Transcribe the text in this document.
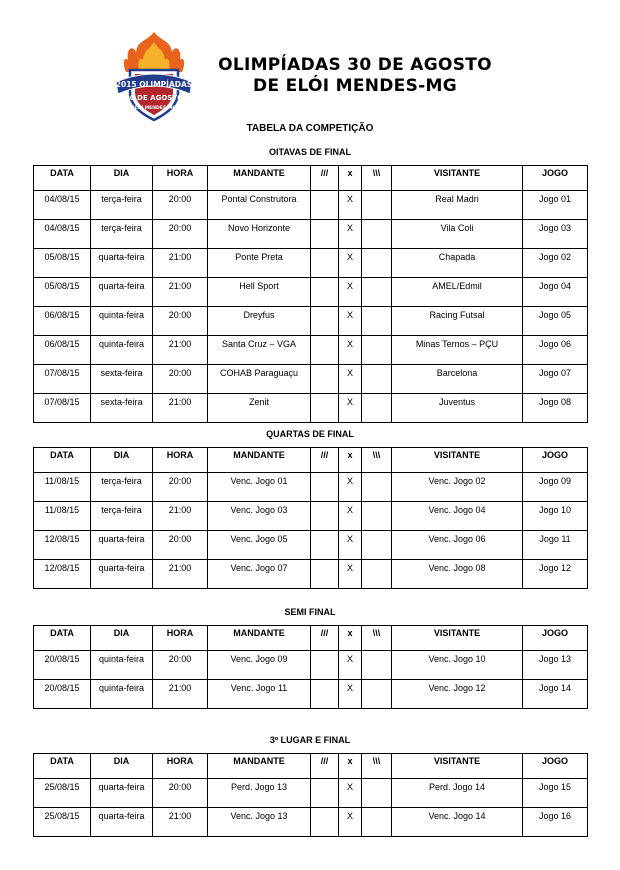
2015 OLIMPÍADAS
30 DE AGOSTO
ELÓI MENDES-MG
OLIMPÍADAS 30 DE AGOSTO
DE ELÓI MENDES-MG
TABELA DA COMPETIÇÃO
OITAVAS DE FINAL
DATA	DIA	HORA	MANDANTE	///	x	\\\	VISITANTE	JOGO
04/08/15	terça-feira	20:00	Pontal Construtora		X		Real Madri	Jogo 01
04/08/15	terça-feira	20:00	Novo Horizonte		X		Vila Coli	Jogo 03
05/08/15	quarta-feira	21:00	Ponte Preta		X		Chapada	Jogo 02
05/08/15	quarta-feira	21:00	Hell Sport		X		AMEL/Edmil	Jogo 04
06/08/15	quinta-feira	20:00	Dreyfus		X		Racing Futsal	Jogo 05
06/08/15	quinta-feira	21:00	Santa Cruz – VGA		X		Minas Ternos – PÇU	Jogo 06
07/08/15	sexta-feira	20:00	COHAB Paraguaçu		X		Barcelona	Jogo 07
07/08/15	sexta-feira	21:00	Zenit		X		Juventus	Jogo 08
QUARTAS DE FINAL
DATA	DIA	HORA	MANDANTE	///	x	\\\	VISITANTE	JOGO
11/08/15	terça-feira	20:00	Venc. Jogo 01		X		Venc. Jogo 02	Jogo 09
11/08/15	terça-feira	21:00	Venc. Jogo 03		X		Venc. Jogo 04	Jogo 10
12/08/15	quarta-feira	20:00	Venc. Jogo 05		X		Venc. Jogo 06	Jogo 11
12/08/15	quarta-feira	21:00	Venc. Jogo 07		X		Venc. Jogo 08	Jogo 12
SEMI FINAL
DATA	DIA	HORA	MANDANTE	///	x	\\\	VISITANTE	JOGO
20/08/15	quinta-feira	20:00	Venc. Jogo 09		X		Venc. Jogo 10	Jogo 13
20/08/15	quinta-feira	21:00	Venc. Jogo 11		X		Venc. Jogo 12	Jogo 14
3º LUGAR E FINAL
DATA	DIA	HORA	MANDANTE	///	x	\\\	VISITANTE	JOGO
25/08/15	quarta-feira	20:00	Perd. Jogo 13		X		Perd. Jogo 14	Jogo 15
25/08/15	quarta-feira	21:00	Venc. Jogo 13		X		Venc. Jogo 14	Jogo 16
